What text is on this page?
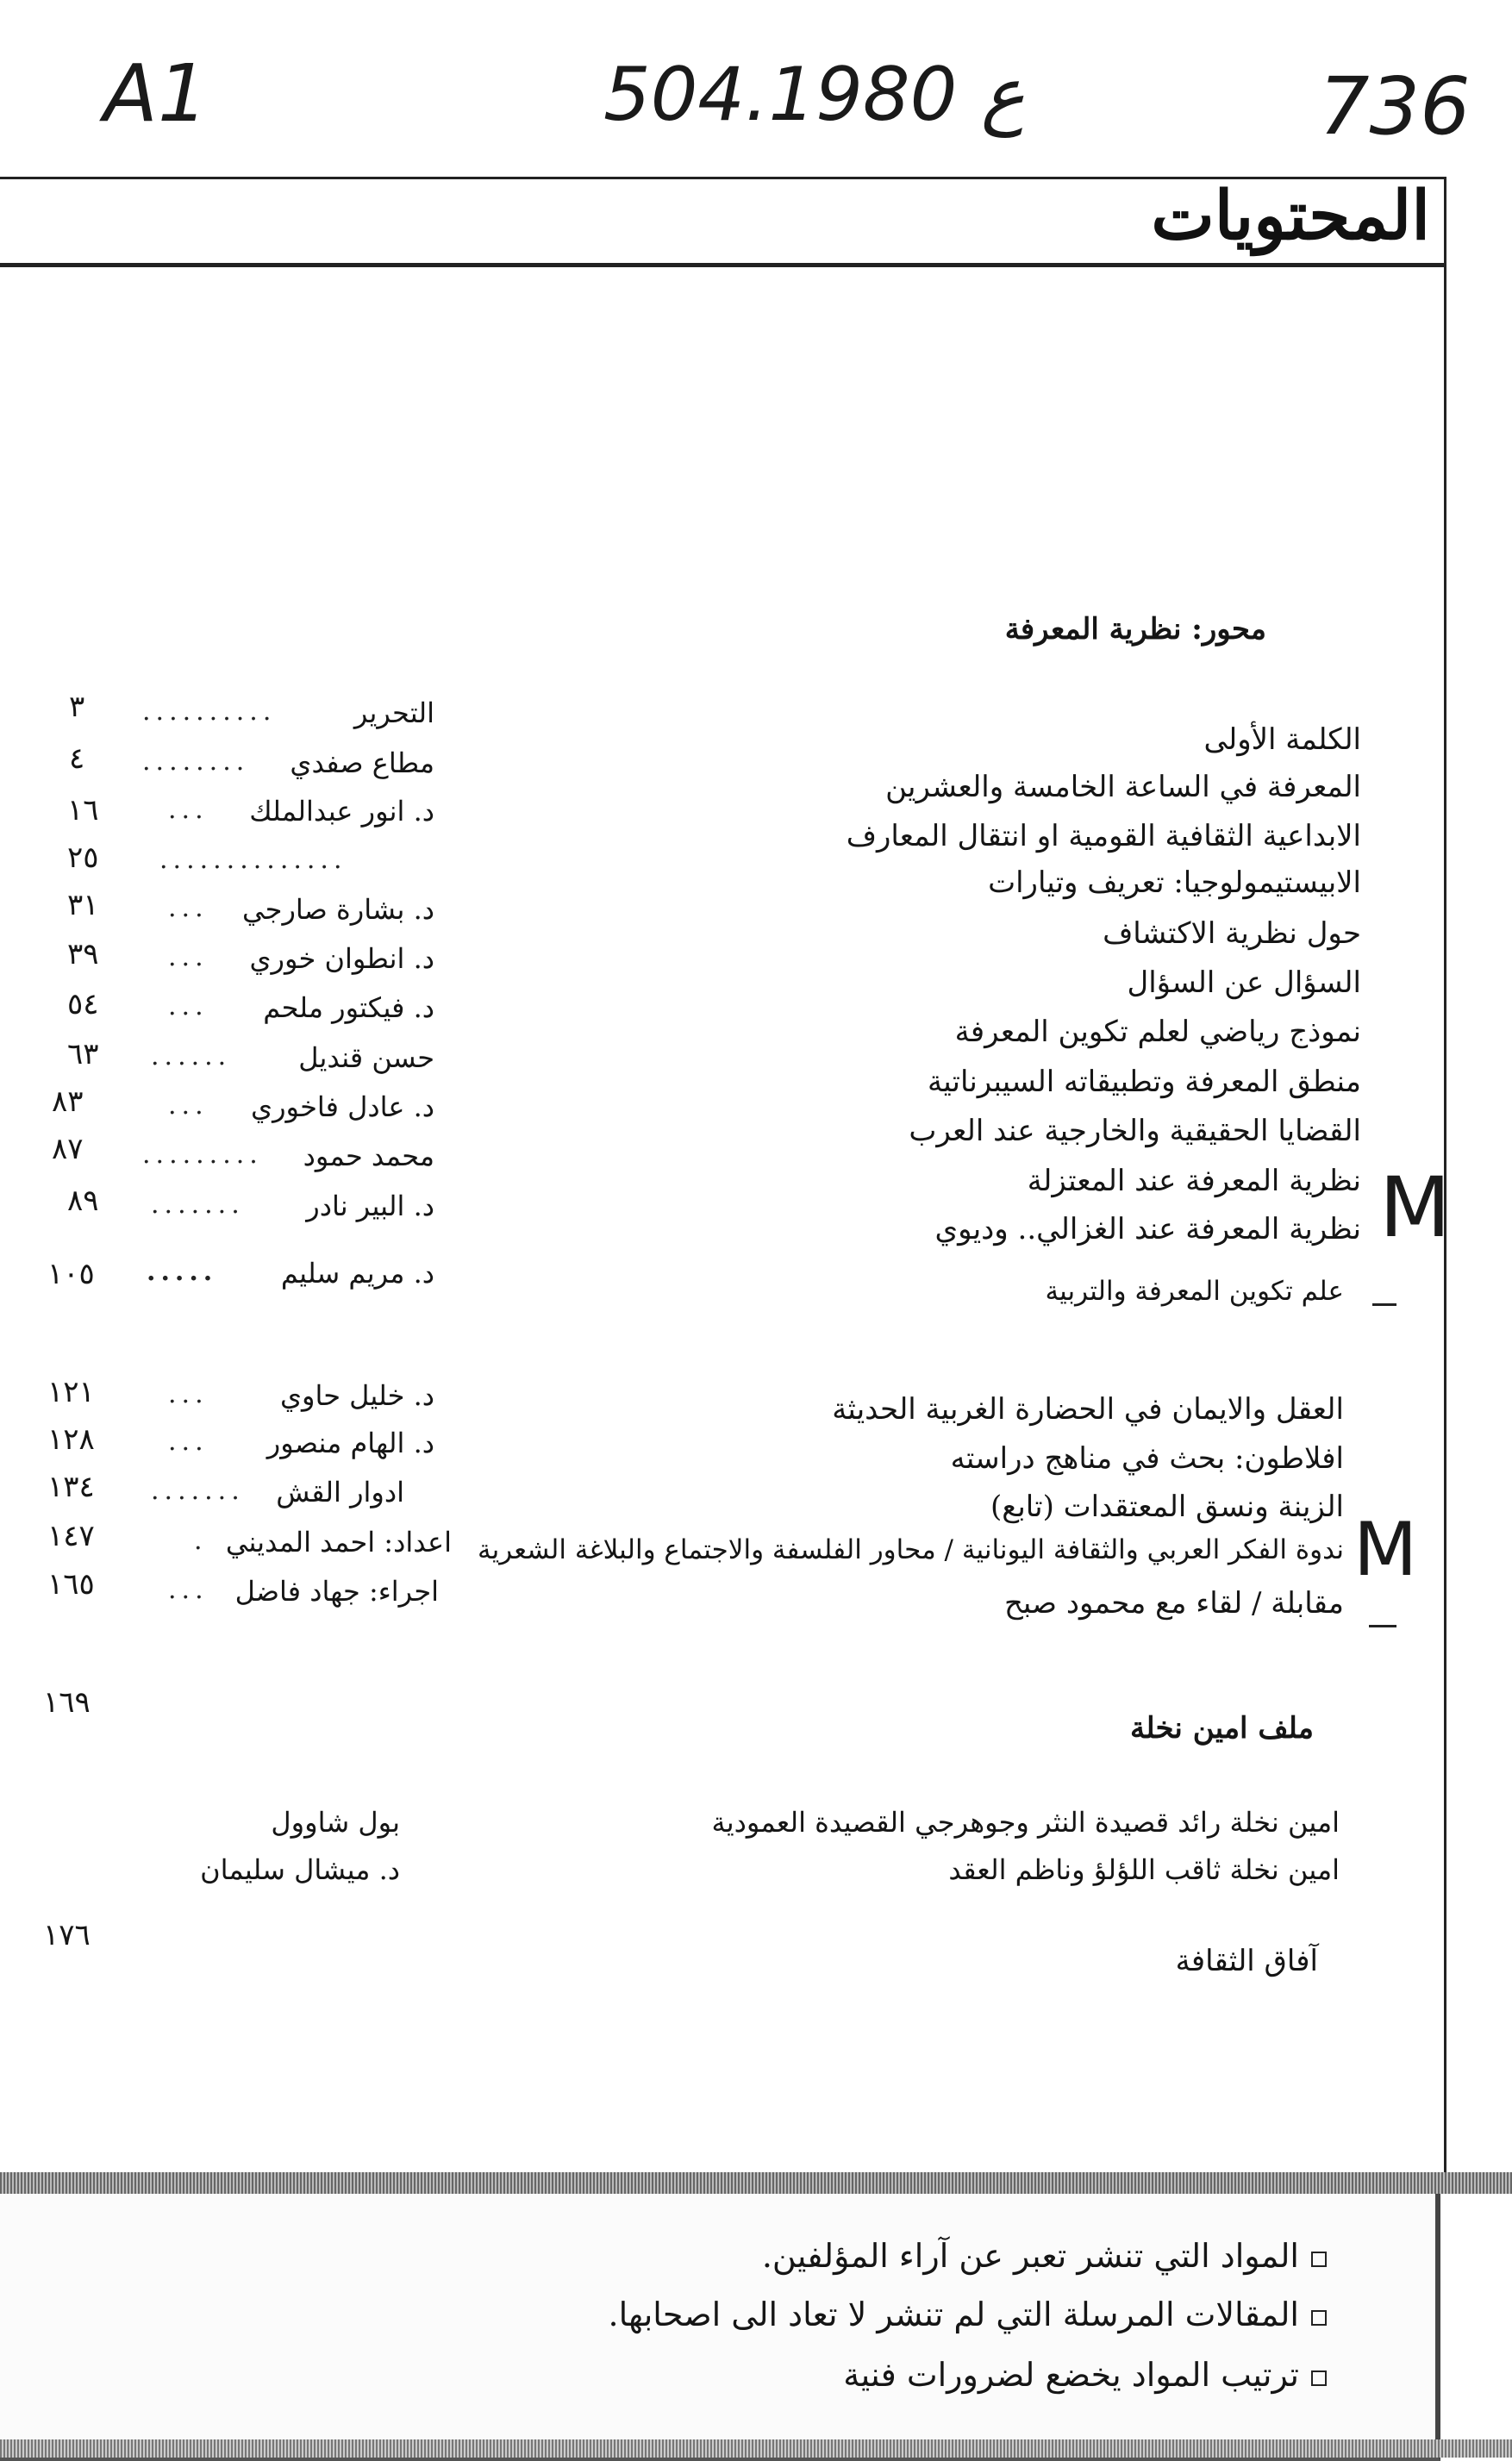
A1	504.ع 1980	736
المحتويات
محور: نظرية المعرفة
الكلمة الأولى
التحرير
..........
٣
المعرفة في الساعة الخامسة والعشرين
مطاع صفدي
........
٤
الابداعية الثقافية القومية او انتقال المعارف
د. انور عبدالملك
...
١٦
الابيستيمولوجيا: تعريف وتيارات
..............
٢٥
حول نظرية الاكتشاف
د. بشارة صارجي
...
٣١
السؤال عن السؤال
د. انطوان خوري
...
٣٩
نموذج رياضي لعلم تكوين المعرفة
د. فيكتور ملحم
...
٥٤
منطق المعرفة وتطبيقاته السيبرناتية
حسن قنديل
......
٦٣
القضايا الحقيقية والخارجية عند العرب
د. عادل فاخوري
...
٨٣
نظرية المعرفة عند المعتزلة
محمد حمود
.........
٨٧
نظرية المعرفة عند الغزالي.. وديوي
د. البير نادر
.......
٨٩
علم تكوين المعرفة والتربية
د. مريم سليم
.....
١٠٥
M
M
العقل والايمان في الحضارة الغربية الحديثة
د. خليل حاوي
...
١٢١
افلاطون: بحث في مناهج دراسته
د. الهام منصور
...
١٢٨
الزينة ونسق المعتقدات (تابع)
ادوار القش
.......
١٣٤
ندوة الفكر العربي والثقافة اليونانية / محاور الفلسفة والاجتماع والبلاغة الشعرية
اعداد: احمد المديني
.
١٤٧
مقابلة / لقاء مع محمود صبح
اجراء: جهاد فاضل
...
١٦٥
ملف امين نخلة
١٦٩
امين نخلة رائد قصيدة النثر وجوهرجي القصيدة العمودية
بول شاوول
امين نخلة ثاقب اللؤلؤ وناظم العقد
د. ميشال سليمان
آفاق الثقافة
١٧٦
المواد التي تنشر تعبر عن آراء المؤلفين.
المقالات المرسلة التي لم تنشر لا تعاد الى اصحابها.
ترتيب المواد يخضع لضرورات فنية
